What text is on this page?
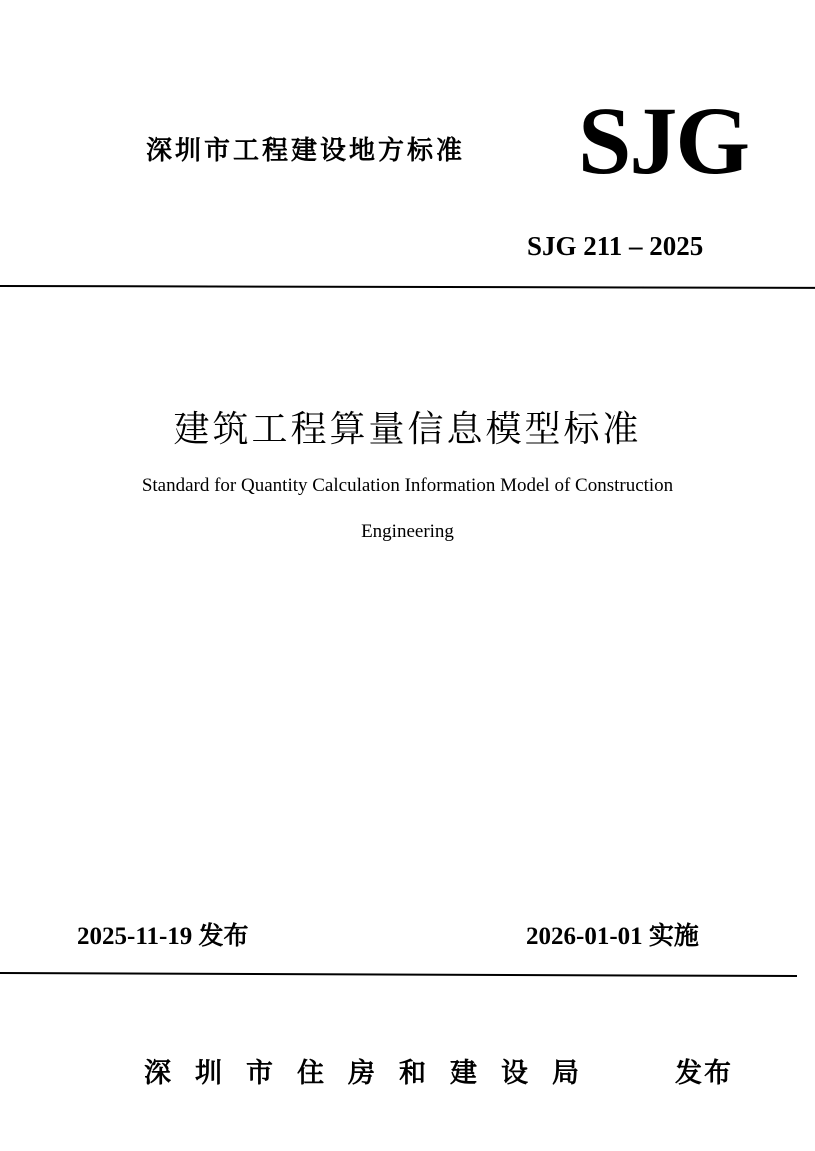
深圳市工程建设地方标准 SJG
SJG 211 – 2025
建筑工程算量信息模型标准
Standard for Quantity Calculation Information Model of Construction
Engineering
2025-11-19 发布	2026-01-01 实施
深圳市住房和建设局	发布
